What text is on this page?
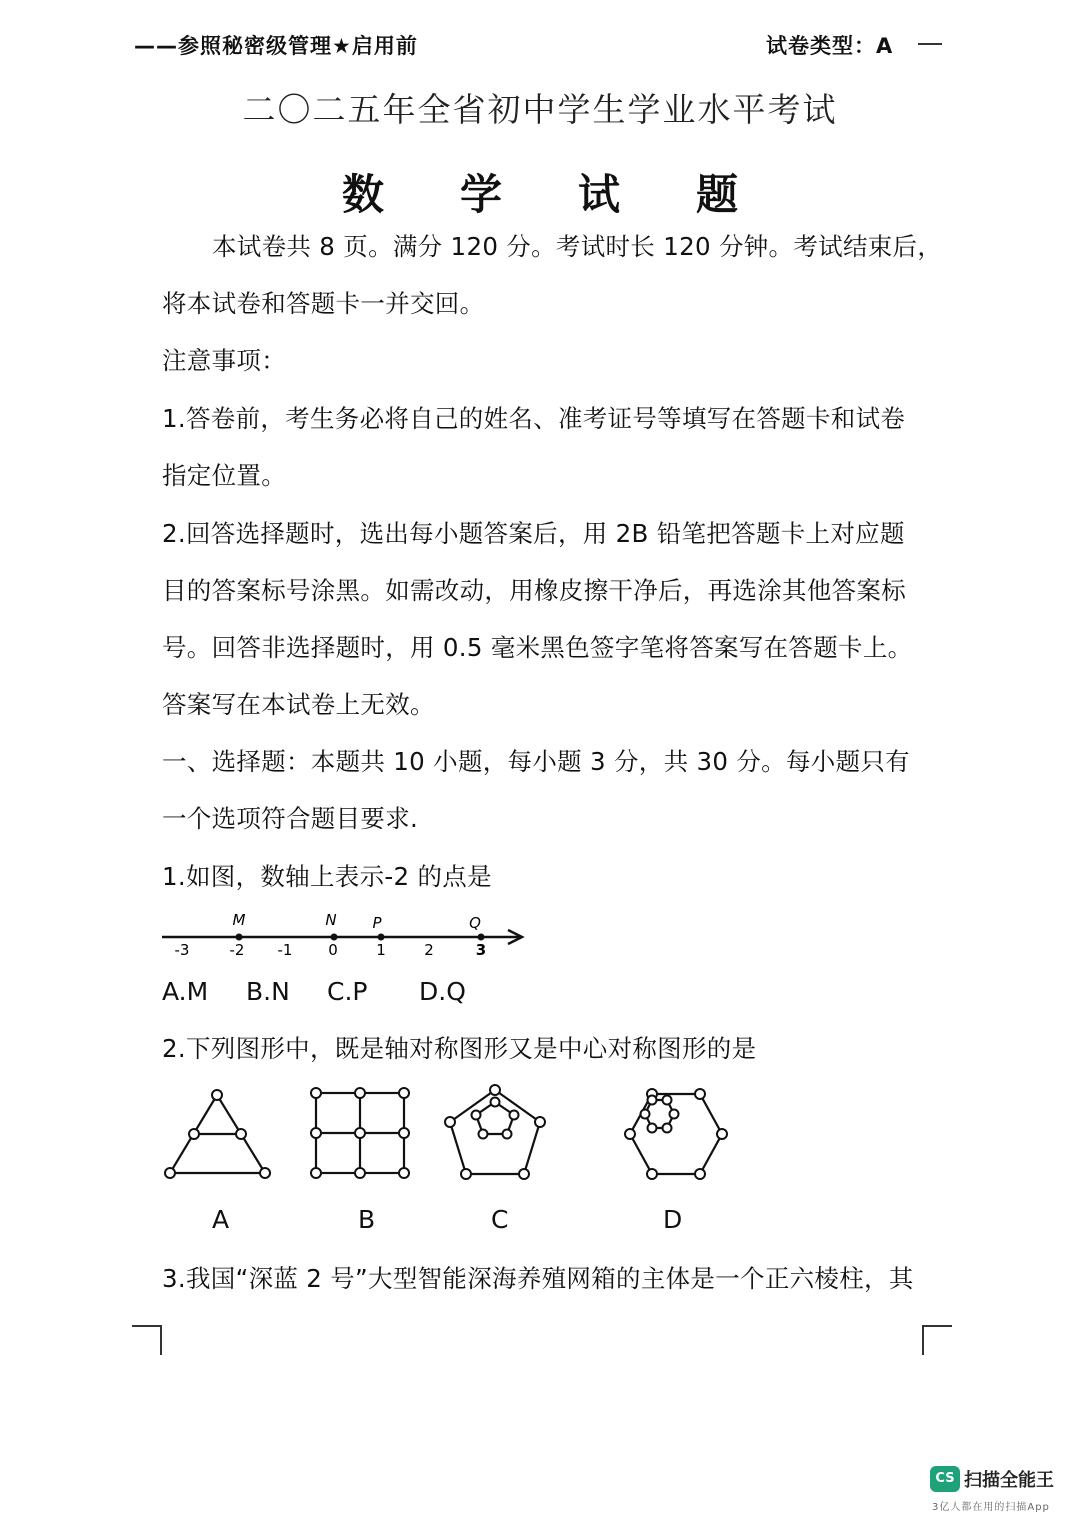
——参照秘密级管理★启用前	试卷类型：A
二〇二五年全省初中学生学业水平考试
数 学 试 题
本试卷共 8 页。满分 120 分。考试时长 120 分钟。考试结束后，
将本试卷和答题卡一并交回。
注意事项：
1.答卷前，考生务必将自己的姓名、准考证号等填写在答题卡和试卷
指定位置。
2.回答选择题时，选出每小题答案后，用 2B 铅笔把答题卡上对应题
目的答案标号涂黑。如需改动，用橡皮擦干净后，再选涂其他答案标
号。回答非选择题时，用 0.5 毫米黑色签字笔将答案写在答题卡上。
答案写在本试卷上无效。
一、选择题：本题共 10 小题，每小题 3 分，共 30 分。每小题只有
一个选项符合题目要求.
1.如图，数轴上表示-2 的点是
-3	-2 -1 0	1	2	3
M	N P	Q
A.M B.N C.P D.Q
2.下列图形中，既是轴对称图形又是中心对称图形的是
A	B	C	D
3.我国“深蓝 2 号”大型智能深海养殖网箱的主体是一个正六棱柱，其
CS 扫描全能王
3亿人都在用的扫描App
